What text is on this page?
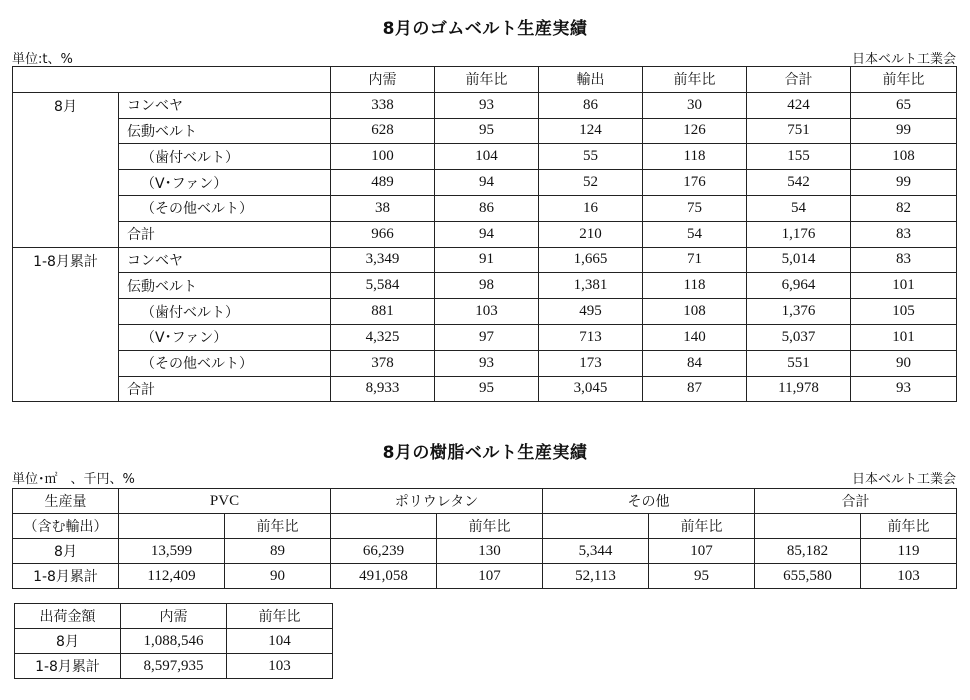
8月のゴムベルト生産実績
単位:t、%	日本ベルト工業会
		内需	前年比	輸出	前年比	合計	前年比
8月	コンベヤ	338	93	86	30	424	65
	伝動ベルト	628	95	124	126	751	99
	（歯付ベルト）	100	104	55	118	155	108
	（V･ファン）	489	94	52	176	542	99
	（その他ベルト）	38	86	16	75	54	82
	合計	966	94	210	54	1,176	83
1-8月累計	コンベヤ	3,349	91	1,665	71	5,014	83
	伝動ベルト	5,584	98	1,381	118	6,964	101
	（歯付ベルト）	881	103	495	108	1,376	105
	（V･ファン）	4,325	97	713	140	5,037	101
	（その他ベルト）	378	93	173	84	551	90
	合計	8,933	95	3,045	87	11,978	93
8月の樹脂ベルト生産実績
単位･㎡　、千円、%	日本ベルト工業会
生産量	PVC		ポリウレタン		その他		合計	
（含む輸出）		前年比		前年比		前年比		前年比
8月	13,599	89	66,239	130	5,344	107	85,182	119
1-8月累計	112,409	90	491,058	107	52,113	95	655,580	103
出荷金額	内需	前年比
8月	1,088,546	104
1-8月累計	8,597,935	103
